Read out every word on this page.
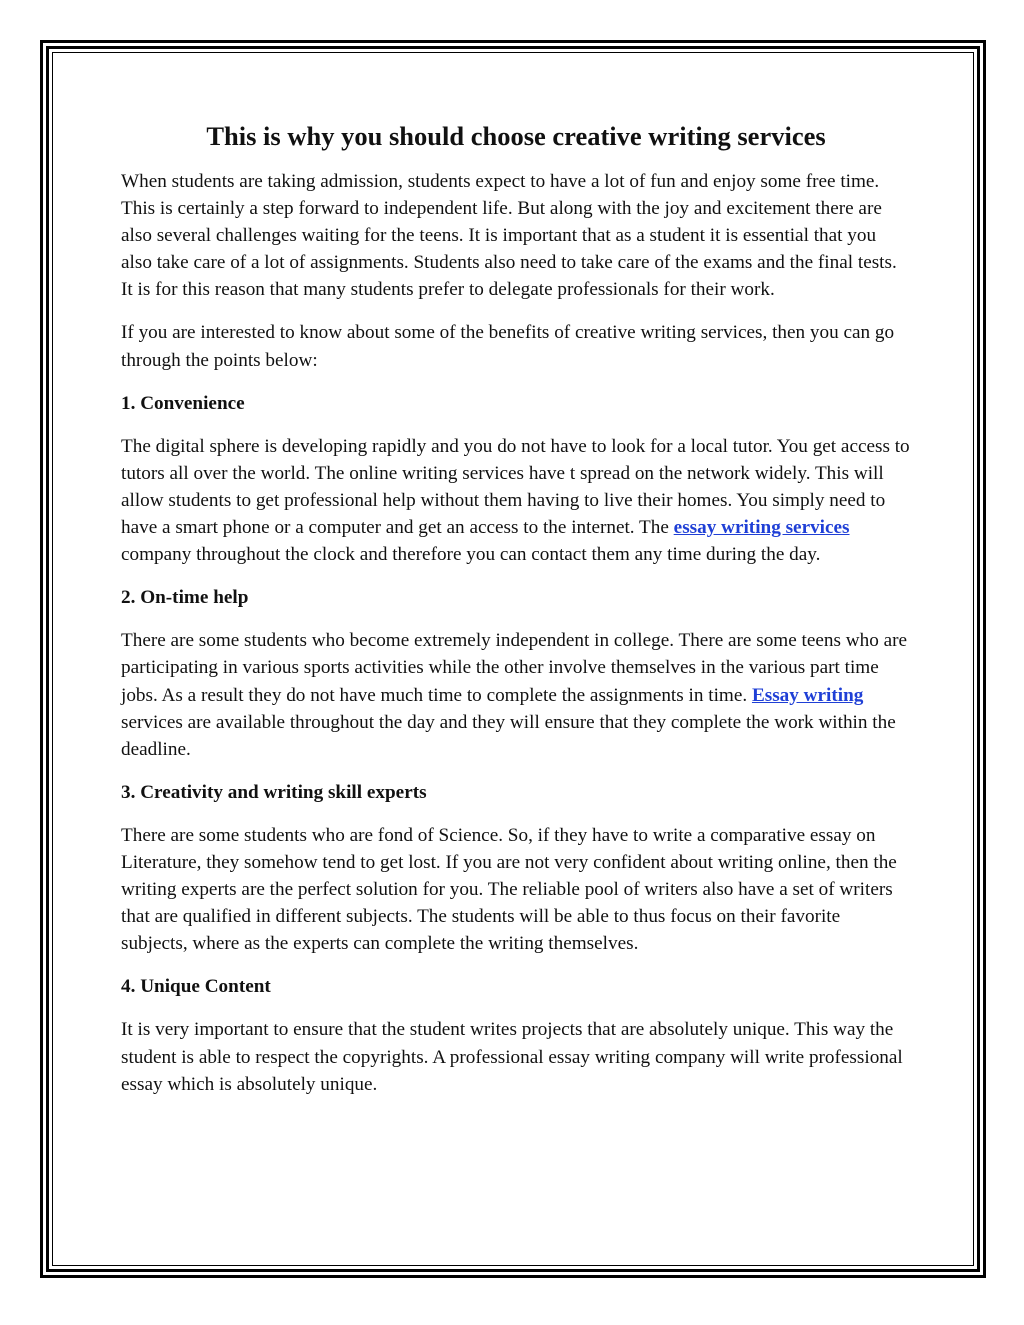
This is why you should choose creative writing services

When students are taking admission, students expect to have a lot of fun and enjoy some free time. This is certainly a step forward to independent life. But along with the joy and excitement there are also several challenges waiting for the teens. It is important that as a student it is essential that you also take care of a lot of assignments. Students also need to take care of the exams and the final tests. It is for this reason that many students prefer to delegate professionals for their work.

If you are interested to know about some of the benefits of creative writing services, then you can go through the points below:

1. Convenience

The digital sphere is developing rapidly and you do not have to look for a local tutor. You get access to tutors all over the world. The online writing services have t spread on the network widely. This will allow students to get professional help without them having to live their homes. You simply need to have a smart phone or a computer and get an access to the internet. The essay writing services company throughout the clock and therefore you can contact them any time during the day.

2. On-time help

There are some students who become extremely independent in college. There are some teens who are participating in various sports activities while the other involve themselves in the various part time jobs. As a result they do not have much time to complete the assignments in time. Essay writing services are available throughout the day and they will ensure that they complete the work within the deadline.

3. Creativity and writing skill experts

There are some students who are fond of Science. So, if they have to write a comparative essay on Literature, they somehow tend to get lost. If you are not very confident about writing online, then the writing experts are the perfect solution for you. The reliable pool of writers also have a set of writers that are qualified in different subjects. The students will be able to thus focus on their favorite subjects, where as the experts can complete the writing themselves.

4. Unique Content

It is very important to ensure that the student writes projects that are absolutely unique. This way the student is able to respect the copyrights. A professional essay writing company will write professional essay which is absolutely unique.
